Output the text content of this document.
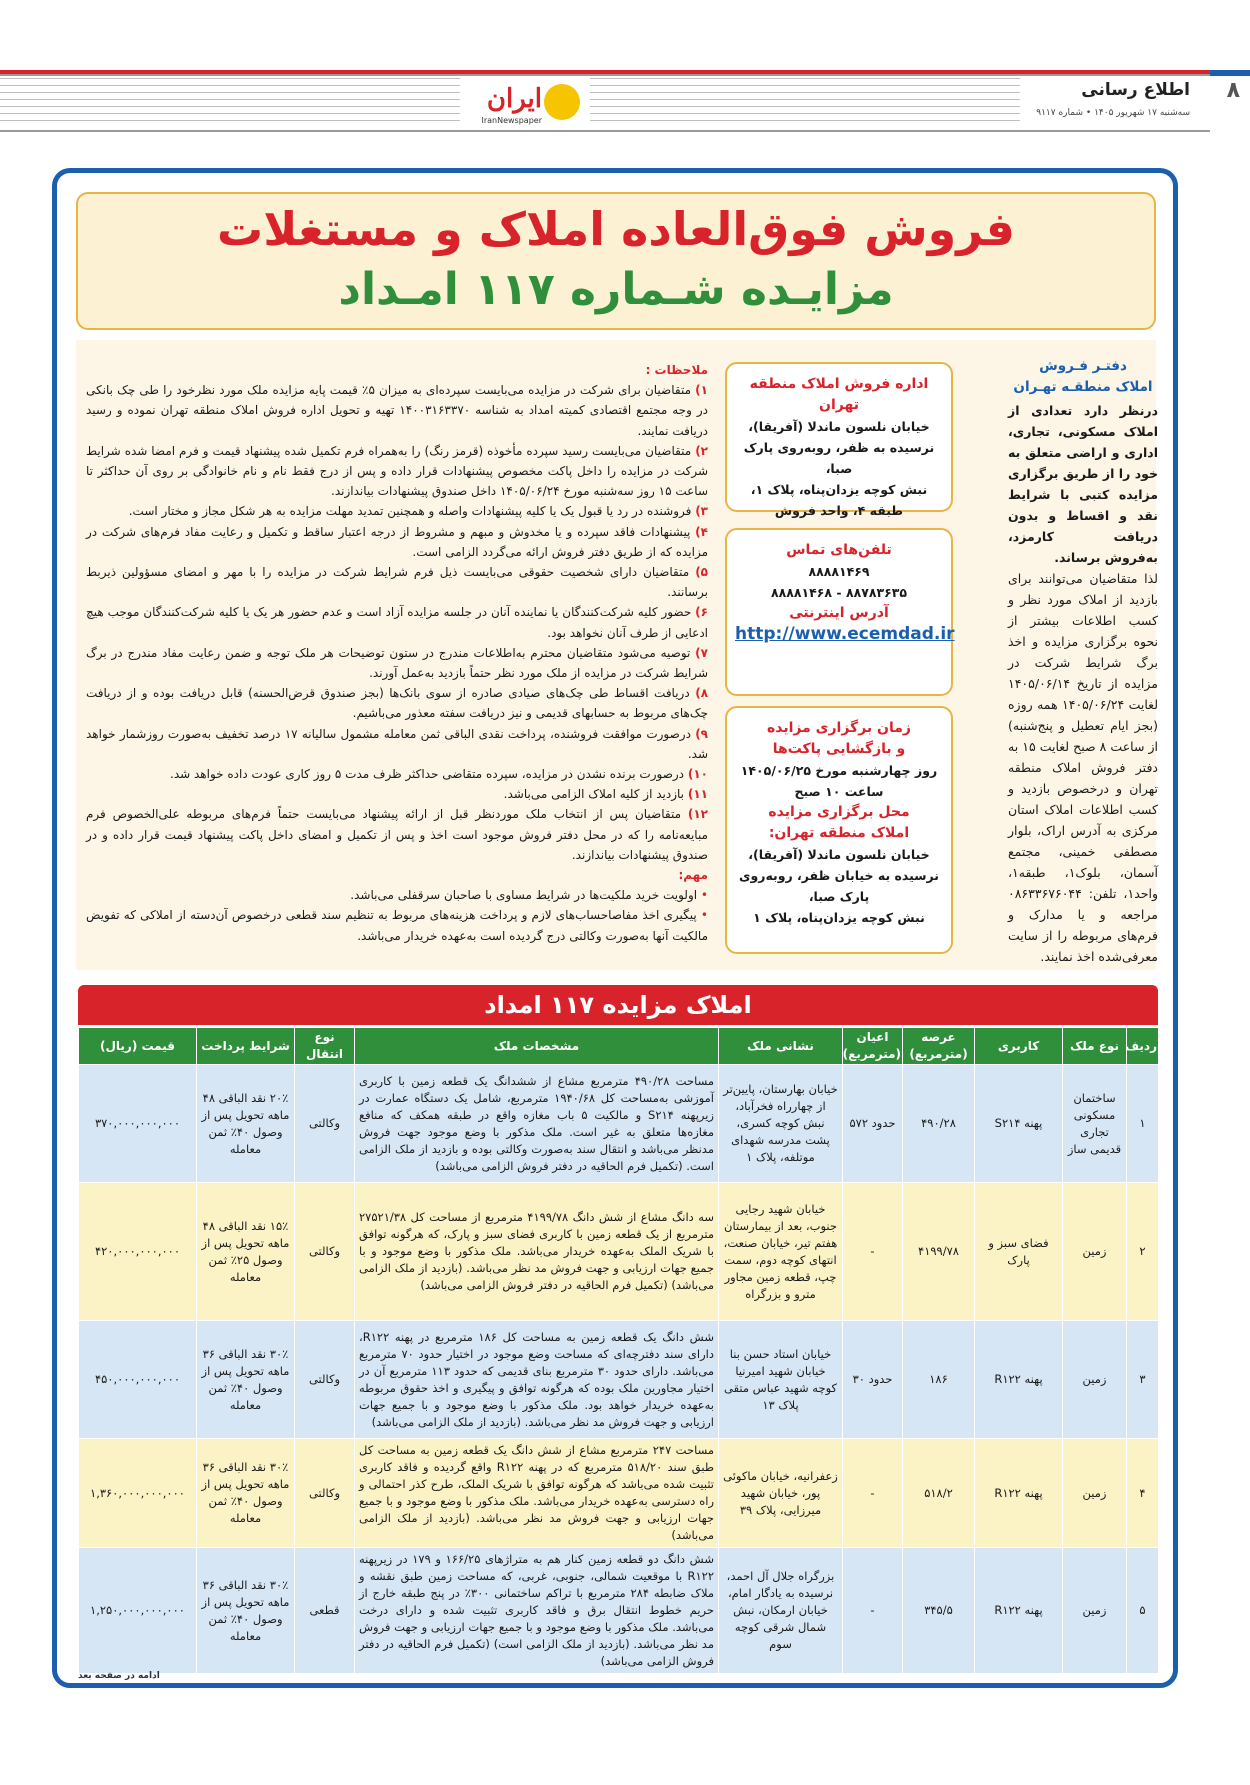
۸
اطلاع رسانی
سه‌شنبه ۱۷ شهریور ۱۴۰۵ • شماره ۹۱۱۷
ایران
IranNewspaper
فروش فوق‌العاده املاک و مستغلات
مزایـده شـماره ۱۱۷ امـداد
دفتـر فـروش
املاک منطقـه تهـران
درنظر دارد تعدادی از املاک مسکونی، تجاری، اداری و اراضی متعلق به خود را از طریق برگزاری مزایده کتبی با شرایط نقد و اقساط و بدون دریافت کارمزد، به‌فروش برساند.
لذا متقاضیان می‌توانند برای بازدید از املاک مورد نظر و کسب اطلاعات بیشتر از نحوه برگزاری مزایده و اخذ برگ شرایط شرکت در مزایده از تاریخ ۱۴۰۵/۰۶/۱۴ لغایت ۱۴۰۵/۰۶/۲۴ همه روزه (بجز ایام تعطیل و پنج‌شنبه) از ساعت ۸ صبح لغایت ۱۵ به دفتر فروش املاک منطقه تهران و درخصوص بازدید و کسب اطلاعات املاک استان مرکزی به آدرس اراک، بلوار مصطفی خمینی، مجتمع آسمان، بلوک۱، طبقه۱، واحد۱، تلفن: ۰۸۶۳۳۶۷۶۰۴۴ مراجعه و یا مدارک و فرم‌های مربوطه را از سایت معرفی‌شده اخذ نمایند.
اداره فروش املاک منطقه تهران
خیابان نلسون ماندلا (آفریقا)،
نرسیده به ظفر، روبه‌روی پارک صبا،
نبش کوچه یزدان‌پناه، پلاک ۱،
طبقه ۴، واحد فروش
تلفن‌های تماس
۸۸۸۸۱۴۶۹
۸۸۷۸۳۶۳۵ - ۸۸۸۸۱۴۶۸
آدرس اینترنتی
http://www.ecemdad.ir
زمان برگزاری مزایده
و بازگشایی پاکت‌ها
روز چهارشنبه مورخ ۱۴۰۵/۰۶/۲۵
ساعت ۱۰ صبح
محل برگزاری مزایده
املاک منطقه تهران:
خیابان نلسون ماندلا (آفریقا)،
نرسیده به خیابان ظفر، روبه‌روی پارک صبا،
نبش کوچه یزدان‌پناه، پلاک ۱
ملاحظات :

۱) متقاضیان برای شرکت در مزایده می‌بایست سپرده‌ای به میزان ۵٪ قیمت پایه مزایده ملک مورد نظرخود را طی چک بانکی در وجه مجتمع اقتصادی کمیته امداد به شناسه ۱۴۰۰۳۱۶۳۳۷۰ تهیه و تحویل اداره فروش املاک منطقه تهران نموده و رسید دریافت نمایند.

۲) متقاضیان می‌بایست رسید سپرده مأخوذه (قرمز رنگ) را به‌همراه فرم تکمیل شده پیشنهاد قیمت و فرم امضا شده شرایط شرکت در مزایده را داخل پاکت مخصوص پیشنهادات قرار داده و پس از درج فقط نام و نام خانوادگی بر روی آن حداکثر تا ساعت ۱۵ روز سه‌شنبه مورخ ۱۴۰۵/۰۶/۲۴ داخل صندوق پیشنهادات بیاندازند.

۳) فروشنده در رد یا قبول یک یا کلیه پیشنهادات واصله و همچنین تمدید مهلت مزایده به هر شکل مجاز و مختار است.

۴) پیشنهادات فاقد سپرده و یا مخدوش و مبهم و مشروط از درجه اعتبار ساقط و تکمیل و رعایت مفاد فرم‌های شرکت در مزایده که از طریق دفتر فروش ارائه می‌گردد الزامی است.

۵) متقاضیان دارای شخصیت حقوقی می‌بایست ذیل فرم شرایط شرکت در مزایده را با مهر و امضای مسؤولین ذیربط برسانند.

۶) حضور کلیه شرکت‌کنندگان یا نماینده آنان در جلسه مزایده آزاد است و عدم حضور هر یک یا کلیه شرکت‌کنندگان موجب هیچ ادعایی از طرف آنان نخواهد بود.

۷) توصیه می‌شود متقاضیان محترم به‌اطلاعات مندرج در ستون توضیحات هر ملک توجه و ضمن رعایت مفاد مندرج در برگ شرایط شرکت در مزایده از ملک مورد نظر حتماً بازدید به‌عمل آورند.

۸) دریافت اقساط طی چک‌های صیادی صادره از سوی بانک‌ها (بجز صندوق قرض‌الحسنه) قابل دریافت بوده و از دریافت چک‌های مربوط به حسابهای قدیمی و نیز دریافت سفته معذور می‌باشیم.

۹) درصورت موافقت فروشنده، پرداخت نقدی الباقی ثمن معامله مشمول سالیانه ۱۷ درصد تخفیف به‌صورت روزشمار خواهد شد.

۱۰) درصورت برنده نشدن در مزایده، سپرده متقاضی حداکثر ظرف مدت ۵ روز کاری عودت داده خواهد شد.

۱۱) بازدید از کلیه املاک الزامی می‌باشد.

۱۲) متقاضیان پس از انتخاب ملک موردنظر قبل از ارائه پیشنهاد می‌بایست حتماً فرم‌های مربوطه علی‌الخصوص فرم مبایعه‌نامه را که در محل دفتر فروش موجود است اخذ و پس از تکمیل و امضای داخل پاکت پیشنهاد قیمت قرار داده و در صندوق پیشنهادات بیاندازند.

مهم:

• اولویت خرید ملکیت‌ها در شرایط مساوی با صاحبان سرقفلی می‌باشد.

• پیگیری اخذ مفاصاحساب‌های لازم و پرداخت هزینه‌های مربوط به تنظیم سند قطعی درخصوص آن‌دسته از املاکی که تفویض مالکیت آنها به‌صورت وکالتی درج گردیده است به‌عهده خریدار می‌باشد.

املاک مزایده ۱۱۷ امداد
ردیف	نوع ملک	کاربری	عرصه (مترمربع)	اعیان (مترمربع)	نشانی ملک	مشخصات ملک	نوع انتقال	شرایط پرداخت	قیمت (ریال)
۱	ساختمان مسکونی تجاری قدیمی ساز	پهنه S۲۱۴	۴۹۰/۲۸	حدود ۵۷۲	خیابان بهارستان، پایین‌تر از چهارراه فخرآباد، نبش کوچه کسری، پشت مدرسه شهدای موتلفه، پلاک ۱	مساحت ۴۹۰/۲۸ مترمربع مشاع از ششدانگ یک قطعه زمین با کاربری آموزشی به‌مساحت کل ۱۹۴۰/۶۸ مترمربع، شامل یک دستگاه عمارت در زیرپهنه S۲۱۴ و مالکیت ۵ باب مغازه واقع در طبقه همکف که منافع مغازه‌ها متعلق به غیر است. ملک مذکور با وضع موجود جهت فروش مدنظر می‌باشد و انتقال سند به‌صورت وکالتی بوده و بازدید از ملک الزامی است. (تکمیل فرم الحاقیه در دفتر فروش الزامی می‌باشد)	وکالتی	۲۰٪ نقد الباقی ۴۸ ماهه تحویل پس از وصول ۴۰٪ ثمن معامله	۳۷۰,۰۰۰,۰۰۰,۰۰۰
۲	زمین	فضای سبز و پارک	۴۱۹۹/۷۸	-	خیابان شهید رجایی جنوب، بعد از بیمارستان هفتم تیر، خیابان صنعت، انتهای کوچه دوم، سمت چپ، قطعه زمین مجاور مترو و بزرگراه	سه دانگ مشاع از شش دانگ ۴۱۹۹/۷۸ مترمربع از مساحت کل ۲۷۵۲۱/۳۸ مترمربع از یک قطعه زمین با کاربری فضای سبز و پارک، که هرگونه توافق با شریک الملک به‌عهده خریدار می‌باشد. ملک مذکور با وضع موجود و با جمیع جهات ارزیابی و جهت فروش مد نظر می‌باشد. (بازدید از ملک الزامی می‌باشد) (تکمیل فرم الحاقیه در دفتر فروش الزامی می‌باشد)	وکالتی	۱۵٪ نقد الباقی ۴۸ ماهه تحویل پس از وصول ۲۵٪ ثمن معامله	۴۲۰,۰۰۰,۰۰۰,۰۰۰
۳	زمین	پهنه R۱۲۲	۱۸۶	حدود ۳۰	خیابان استاد حسن بنا خیابان شهید امیرنیا کوچه شهید عباس متقی پلاک ۱۳	شش دانگ یک قطعه زمین به مساحت کل ۱۸۶ مترمربع در پهنه R۱۲۲، دارای سند دفترچه‌ای که مساحت وضع موجود در اختیار حدود ۷۰ مترمربع می‌باشد. دارای حدود ۳۰ مترمربع بنای قدیمی که حدود ۱۱۳ مترمربع آن در اختیار مجاورین ملک بوده که هرگونه توافق و پیگیری و اخذ حقوق مربوطه به‌عهده خریدار خواهد بود. ملک مذکور با وضع موجود و با جمیع جهات ارزیابی و جهت فروش مد نظر می‌باشد. (بازدید از ملک الزامی می‌باشد)	وکالتی	۳۰٪ نقد الباقی ۳۶ ماهه تحویل پس از وصول ۴۰٪ ثمن معامله	۴۵۰,۰۰۰,۰۰۰,۰۰۰
۴	زمین	پهنه R۱۲۲	۵۱۸/۲	-	زعفرانیه، خیابان ماکوئی پور، خیابان شهید میرزایی، پلاک ۳۹	مساحت ۲۴۷ مترمربع مشاع از شش دانگ یک قطعه زمین به مساحت کل طبق سند ۵۱۸/۲۰ مترمربع که در پهنه R۱۲۲ واقع گردیده و فاقد کاربری تثبیت شده می‌باشد که هرگونه توافق با شریک الملک، طرح کذر احتمالی و راه دسترسی به‌عهده خریدار می‌باشد. ملک مذکور با وضع موجود و با جمیع جهات ارزیابی و جهت فروش مد نظر می‌باشد. (بازدید از ملک الزامی می‌باشد)	وکالتی	۳۰٪ نقد الباقی ۳۶ ماهه تحویل پس از وصول ۴۰٪ ثمن معامله	۱,۳۶۰,۰۰۰,۰۰۰,۰۰۰
۵	زمین	پهنه R۱۲۲	۳۴۵/۵	-	بزرگراه جلال آل احمد، نرسیده به یادگار امام، خیابان ارمکان، نبش شمال شرقی کوچه سوم	شش دانگ دو قطعه زمین کنار هم به متراژهای ۱۶۶/۲۵ و ۱۷۹ در زیرپهنه R۱۲۲ با موقعیت شمالی، جنوبی، غربی، که مساحت زمین طبق نقشه و ملاک ضابطه ۲۸۴ مترمربع با تراکم ساختمانی ۳۰۰٪ در پنج طبقه خارج از حریم خطوط انتقال برق و فاقد کاربری تثبیت شده و دارای درخت می‌باشد. ملک مذکور با وضع موجود و با جمیع جهات ارزیابی و جهت فروش مد نظر می‌باشد. (بازدید از ملک الزامی است) (تکمیل فرم الحاقیه در دفتر فروش الزامی می‌باشد)	قطعی	۳۰٪ نقد الباقی ۳۶ ماهه تحویل پس از وصول ۴۰٪ ثمن معامله	۱,۲۵۰,۰۰۰,۰۰۰,۰۰۰
ادامه در صفحه بعد
